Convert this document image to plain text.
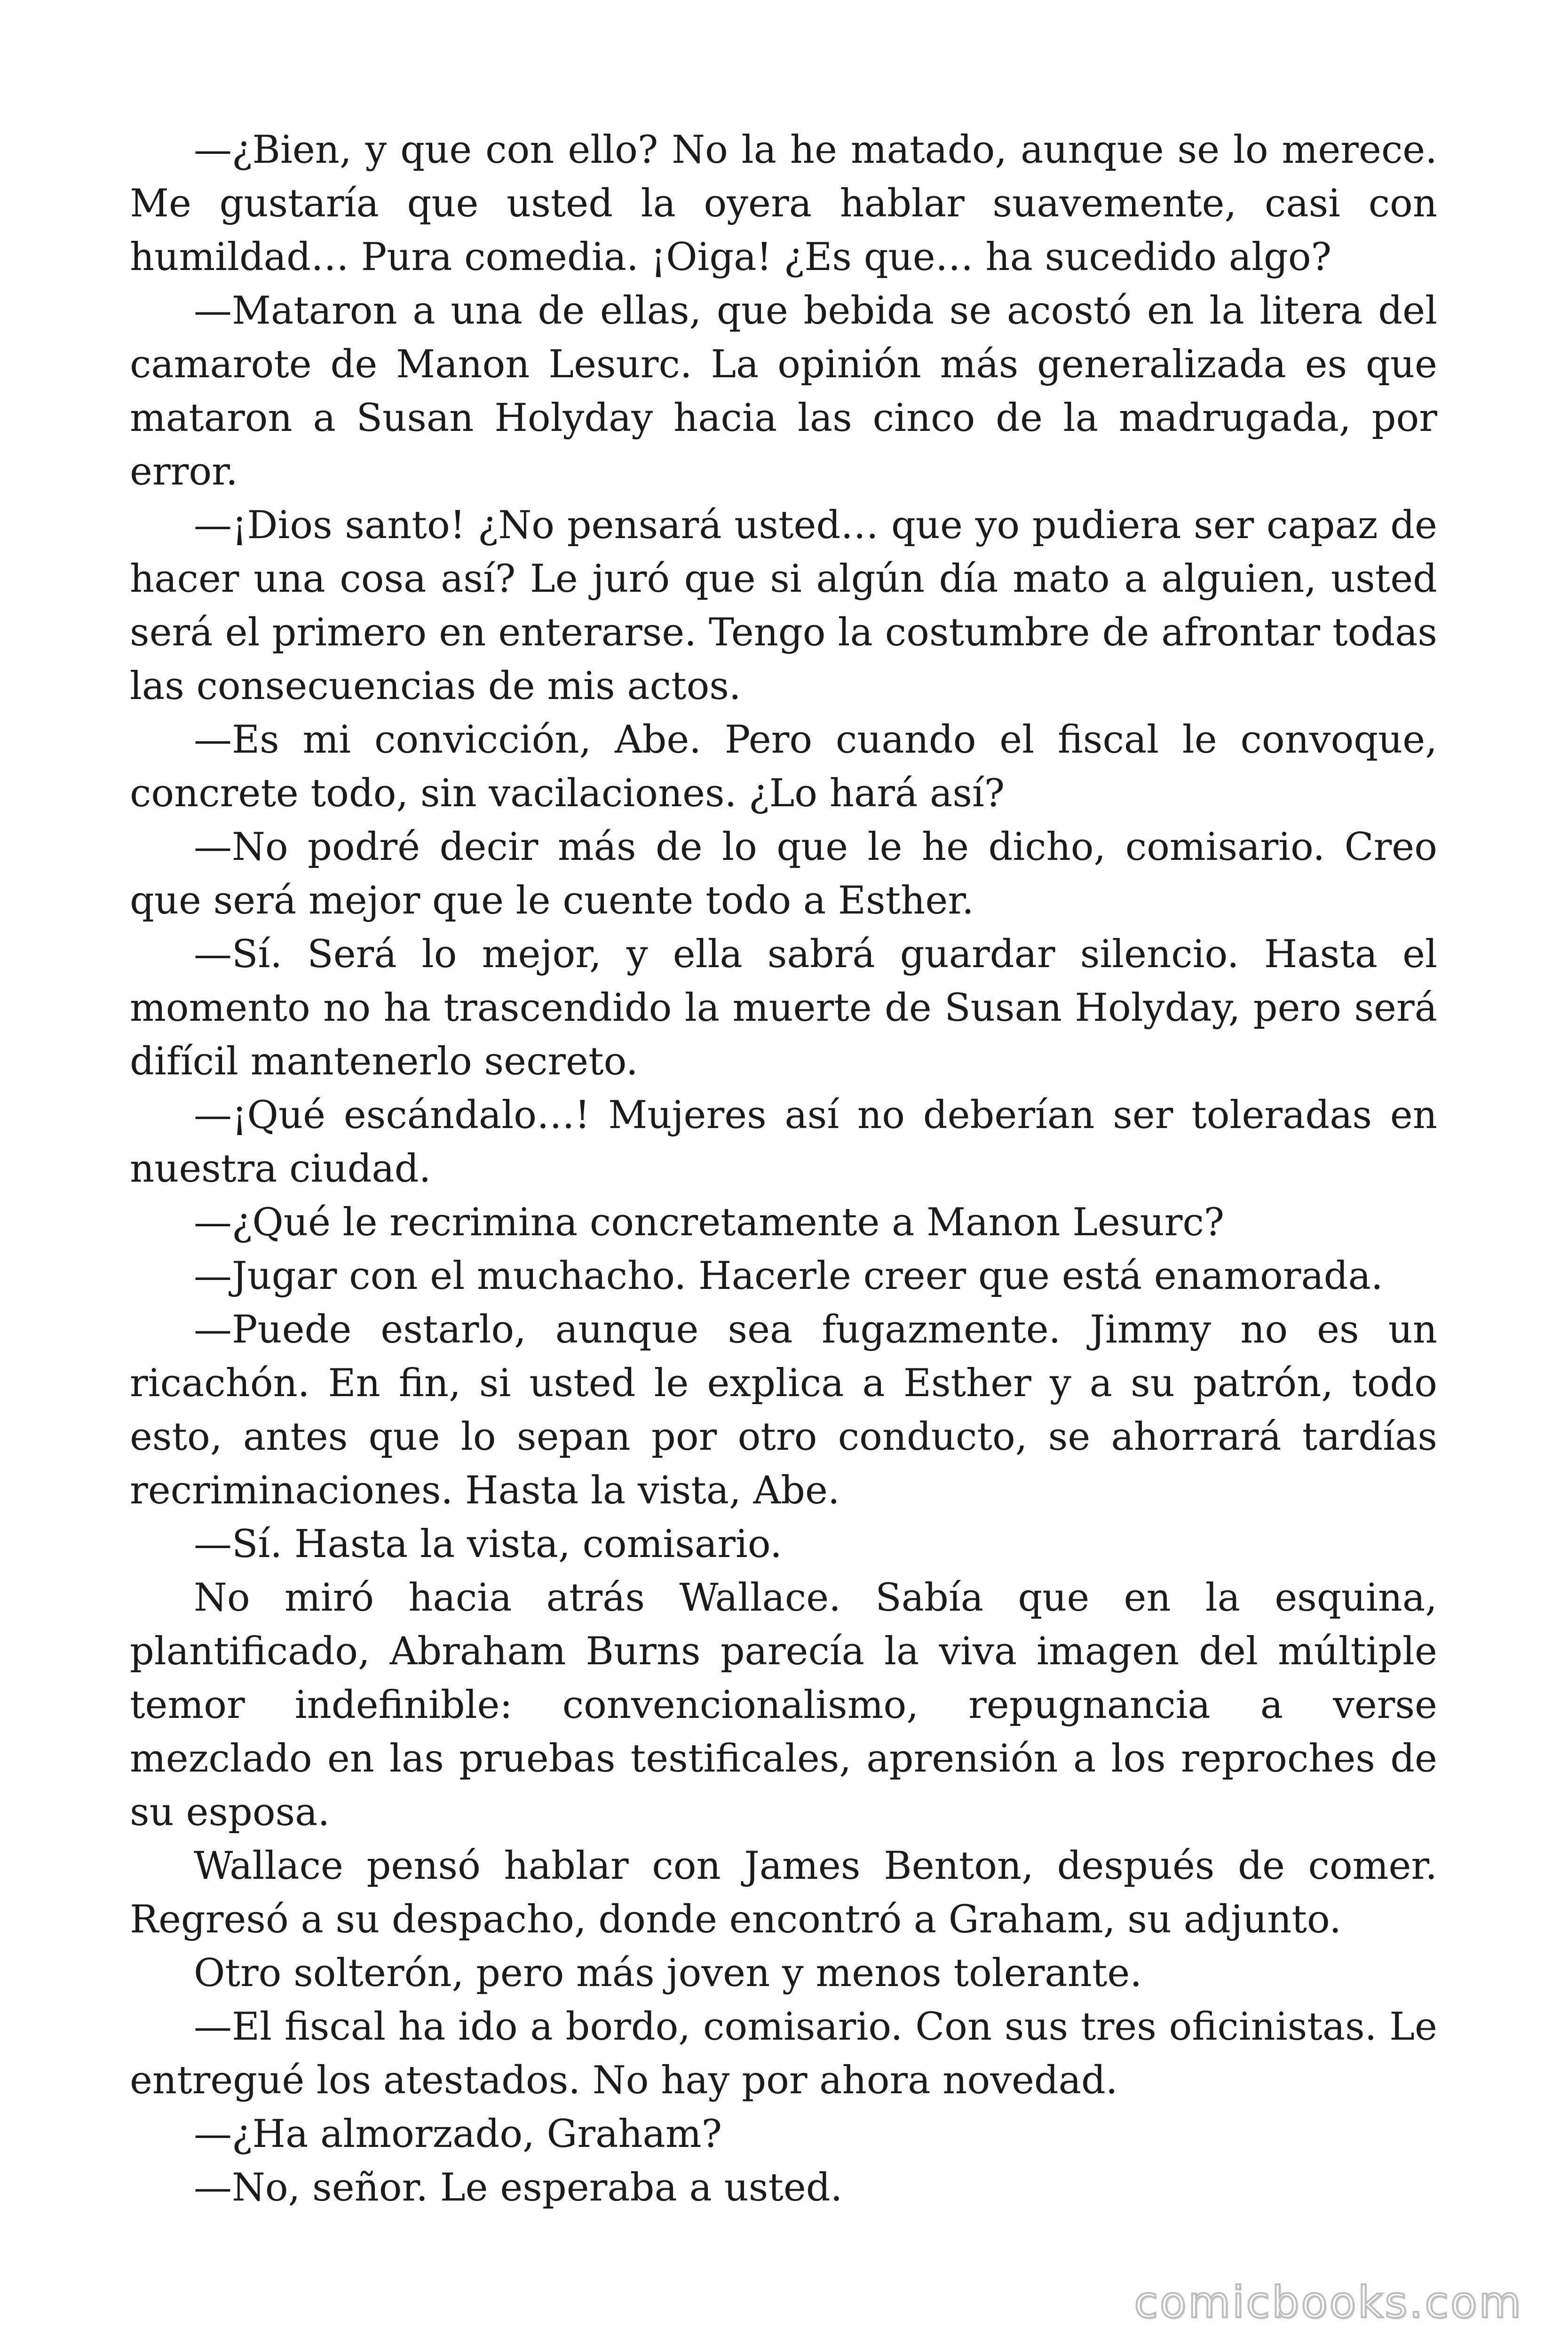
—¿Bien, y que con ello? No la he matado, aunque se lo merece. Me gustaría que usted la oyera hablar suavemente, casi con humildad… Pura comedia. ¡Oiga! ¿Es que… ha sucedido algo?

—Mataron a una de ellas, que bebida se acostó en la litera del camarote de Manon Lesurc. La opinión más generalizada es que mataron a Susan Holyday hacia las cinco de la madrugada, por error.

—¡Dios santo! ¿No pensará usted… que yo pudiera ser capaz de hacer una cosa así? Le juró que si algún día mato a alguien, usted será el primero en enterarse. Tengo la costumbre de afrontar todas las consecuencias de mis actos.

—Es mi convicción, Abe. Pero cuando el fiscal le convoque, concrete todo, sin vacilaciones. ¿Lo hará así?

—No podré decir más de lo que le he dicho, comisario. Creo que será mejor que le cuente todo a Esther.

—Sí. Será lo mejor, y ella sabrá guardar silencio. Hasta el momento no ha trascendido la muerte de Susan Holyday, pero será difícil mantenerlo secreto.

—¡Qué escándalo…! Mujeres así no deberían ser toleradas en nuestra ciudad.

—¿Qué le recrimina concretamente a Manon Lesurc?

—Jugar con el muchacho. Hacerle creer que está enamorada.

—Puede estarlo, aunque sea fugazmente. Jimmy no es un ricachón. En fin, si usted le explica a Esther y a su patrón, todo esto, antes que lo sepan por otro conducto, se ahorrará tardías recriminaciones. Hasta la vista, Abe.

—Sí. Hasta la vista, comisario.

No miró hacia atrás Wallace. Sabía que en la esquina, plantificado, Abraham Burns parecía la viva imagen del múltiple temor indefinible: convencionalismo, repugnancia a verse mezclado en las pruebas testificales, aprensión a los reproches de su esposa.

Wallace pensó hablar con James Benton, después de comer. Regresó a su despacho, donde encontró a Graham, su adjunto.

Otro solterón, pero más joven y menos tolerante.

—El fiscal ha ido a bordo, comisario. Con sus tres oficinistas. Le entregué los atestados. No hay por ahora novedad.

—¿Ha almorzado, Graham?

—No, señor. Le esperaba a usted.

comicbooks.com
